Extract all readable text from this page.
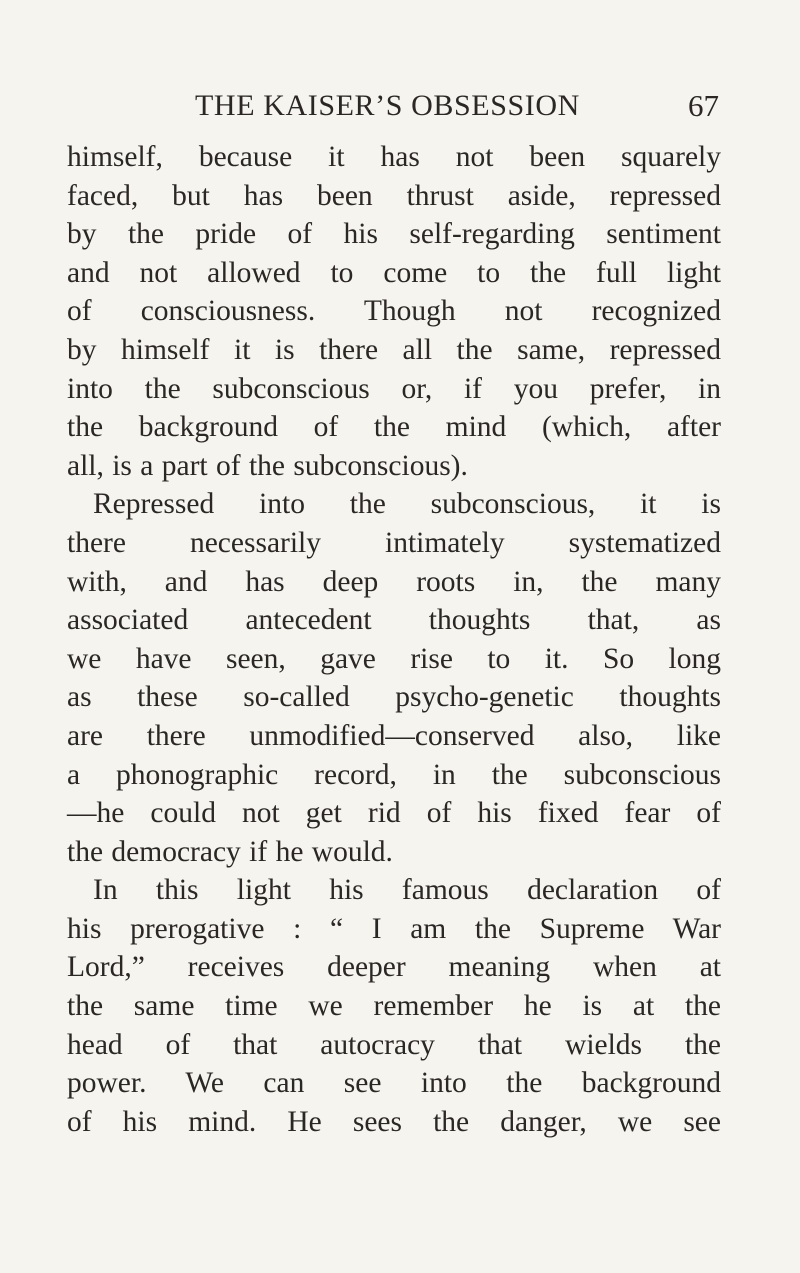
THE KAISER’S OBSESSION	67
himself, because it has not been squarely
faced, but has been thrust aside, repressed
by the pride of his self-regarding sentiment
and not allowed to come to the full light
of consciousness. Though not recognized
by himself it is there all the same, repressed
into the subconscious or, if you prefer, in
the background of the mind (which, after
all, is a part of the subconscious).
Repressed into the subconscious, it is
there necessarily intimately systematized
with, and has deep roots in, the many
associated antecedent thoughts that, as
we have seen, gave rise to it. So long
as these so-called psycho-genetic thoughts
are there unmodified—conserved also, like
a phonographic record, in the subconscious
—he could not get rid of his fixed fear of
the democracy if he would.
In this light his famous declaration of
his prerogative : “ I am the Supreme War
Lord,” receives deeper meaning when at
the same time we remember he is at the
head of that autocracy that wields the
power. We can see into the background
of his mind. He sees the danger, we see
